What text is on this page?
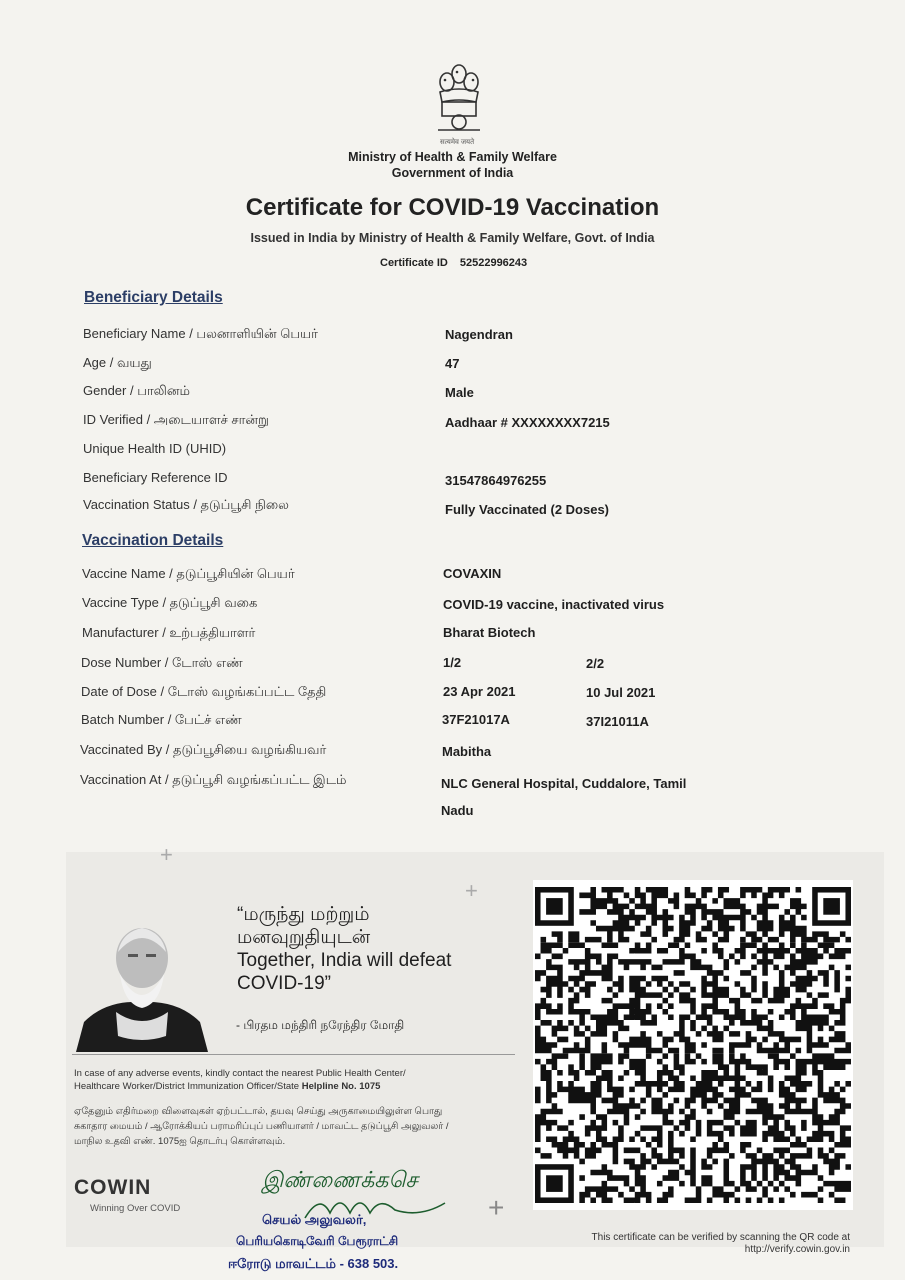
सत्यमेव जयते
Ministry of Health & Family Welfare
Government of India
Certificate for COVID-19 Vaccination
Issued in India by Ministry of Health & Family Welfare, Govt. of India
Certificate ID 52522996243
Beneficiary Details
Beneficiary Name / பலனாளியின் பெயர்	Nagendran
Age / வயது	47
Gender / பாலினம்	Male
ID Verified / அடையாளச் சான்று	Aadhaar # XXXXXXXX7215
Unique Health ID (UHID)
Beneficiary Reference ID	31547864976255
Vaccination Status / தடுப்பூசி நிலை	Fully Vaccinated (2 Doses)
Vaccination Details
Vaccine Name / தடுப்பூசியின் பெயர்	COVAXIN
Vaccine Type / தடுப்பூசி வகை	COVID-19 vaccine, inactivated virus
Manufacturer / உற்பத்தியாளர்	Bharat Biotech
Dose Number / டோஸ் எண்	1/2	2/2
Date of Dose / டோஸ் வழங்கப்பட்ட தேதி	23 Apr 2021	10 Jul 2021
Batch Number / பேட்ச் எண்	37F21017A	37I21011A
Vaccinated By / தடுப்பூசியை வழங்கியவர்	Mabitha
Vaccination At / தடுப்பூசி வழங்கப்பட்ட இடம்	NLC General Hospital, Cuddalore, Tamil
Nadu
+
+
+
“மருந்து மற்றும்
மனவுறுதியுடன்
Together, India will defeat
COVID-19”
- பிரதம மந்திரி நரேந்திர மோதி
In case of any adverse events, kindly contact the nearest Public Health Center/
Healthcare Worker/District Immunization Officer/State Helpline No. 1075
ஏதேனும் எதிர்மறை விளைவுகள் ஏற்பட்டால், தயவு செய்து அருகாமையிலுள்ள பொது
சுகாதார மையம் / ஆரோக்கியப் பராமரிப்புப் பணியாளர் / மாவட்ட தடுப்பூசி அலுவலர் /
மாநில உதவி எண். 1075ஐ தொடர்பு கொள்ளவும்.
COWIN
Winning Over COVID
இண்ணைக்கசெ
செயல் அலுவலர்,
பெரியகொடிவேரி பேரூராட்சி
ஈரோடு மாவட்டம் - 638 503.
This certificate can be verified by scanning the QR code at
http://verify.cowin.gov.in
